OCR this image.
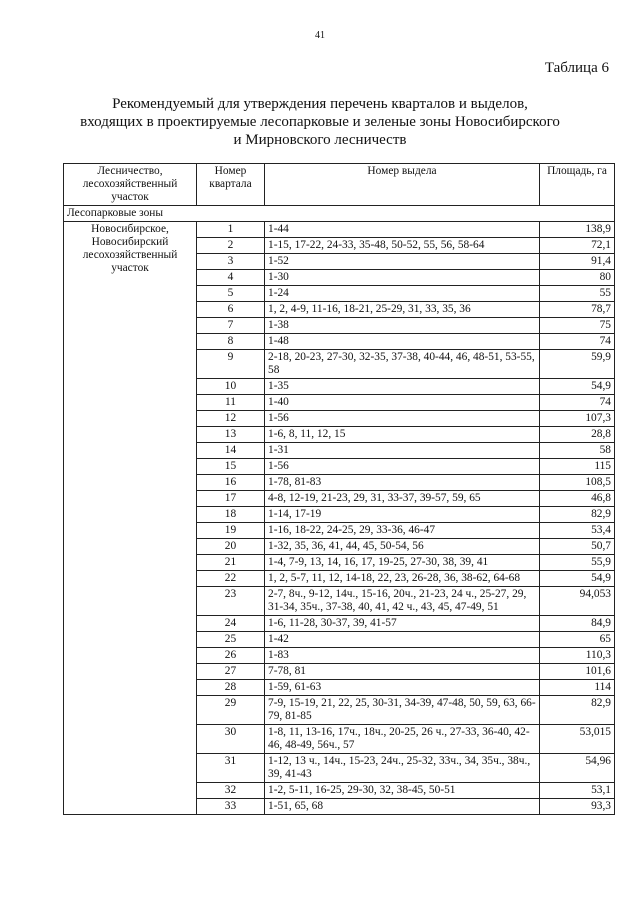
41
Таблица 6
Рекомендуемый для утверждения перечень кварталов и выделов,
входящих в проектируемые лесопарковые и зеленые зоны Новосибирского
и Мирновского лесничеств
Лесничество, лесохозяйственный участок	Номер квартала	Номер выдела	Площадь, га
Лесопарковые зоны			
Новосибирское, Новосибирский лесохозяйственный участок	1	1-44	138,9
	2	1-15, 17-22, 24-33, 35-48, 50-52, 55, 56, 58-64	72,1
	3	1-52	91,4
	4	1-30	80
	5	1-24	55
	6	1, 2, 4-9, 11-16, 18-21, 25-29, 31, 33, 35, 36	78,7
	7	1-38	75
	8	1-48	74
	9	2-18, 20-23, 27-30, 32-35, 37-38, 40-44, 46, 48-51, 53-55, 58	59,9
	10	1-35	54,9
	11	1-40	74
	12	1-56	107,3
	13	1-6, 8, 11, 12, 15	28,8
	14	1-31	58
	15	1-56	115
	16	1-78, 81-83	108,5
	17	4-8, 12-19, 21-23, 29, 31, 33-37, 39-57, 59, 65	46,8
	18	1-14, 17-19	82,9
	19	1-16, 18-22, 24-25, 29, 33-36, 46-47	53,4
	20	1-32, 35, 36, 41, 44, 45, 50-54, 56	50,7
	21	1-4, 7-9, 13, 14, 16, 17, 19-25, 27-30, 38, 39, 41	55,9
	22	1, 2, 5-7, 11, 12, 14-18, 22, 23, 26-28, 36, 38-62, 64-68	54,9
	23	2-7, 8ч., 9-12, 14ч., 15-16, 20ч., 21-23, 24 ч., 25-27, 29, 31-34, 35ч., 37-38, 40, 41, 42 ч., 43, 45, 47-49, 51	94,053
	24	1-6, 11-28, 30-37, 39, 41-57	84,9
	25	1-42	65
	26	1-83	110,3
	27	7-78, 81	101,6
	28	1-59, 61-63	114
	29	7-9, 15-19, 21, 22, 25, 30-31, 34-39, 47-48, 50, 59, 63, 66-79, 81-85	82,9
	30	1-8, 11, 13-16, 17ч., 18ч., 20-25, 26 ч., 27-33, 36-40, 42-46, 48-49, 56ч., 57	53,015
	31	1-12, 13 ч., 14ч., 15-23, 24ч., 25-32, 33ч., 34, 35ч., 38ч., 39, 41-43	54,96
	32	1-2, 5-11, 16-25, 29-30, 32, 38-45, 50-51	53,1
	33	1-51, 65, 68	93,3
